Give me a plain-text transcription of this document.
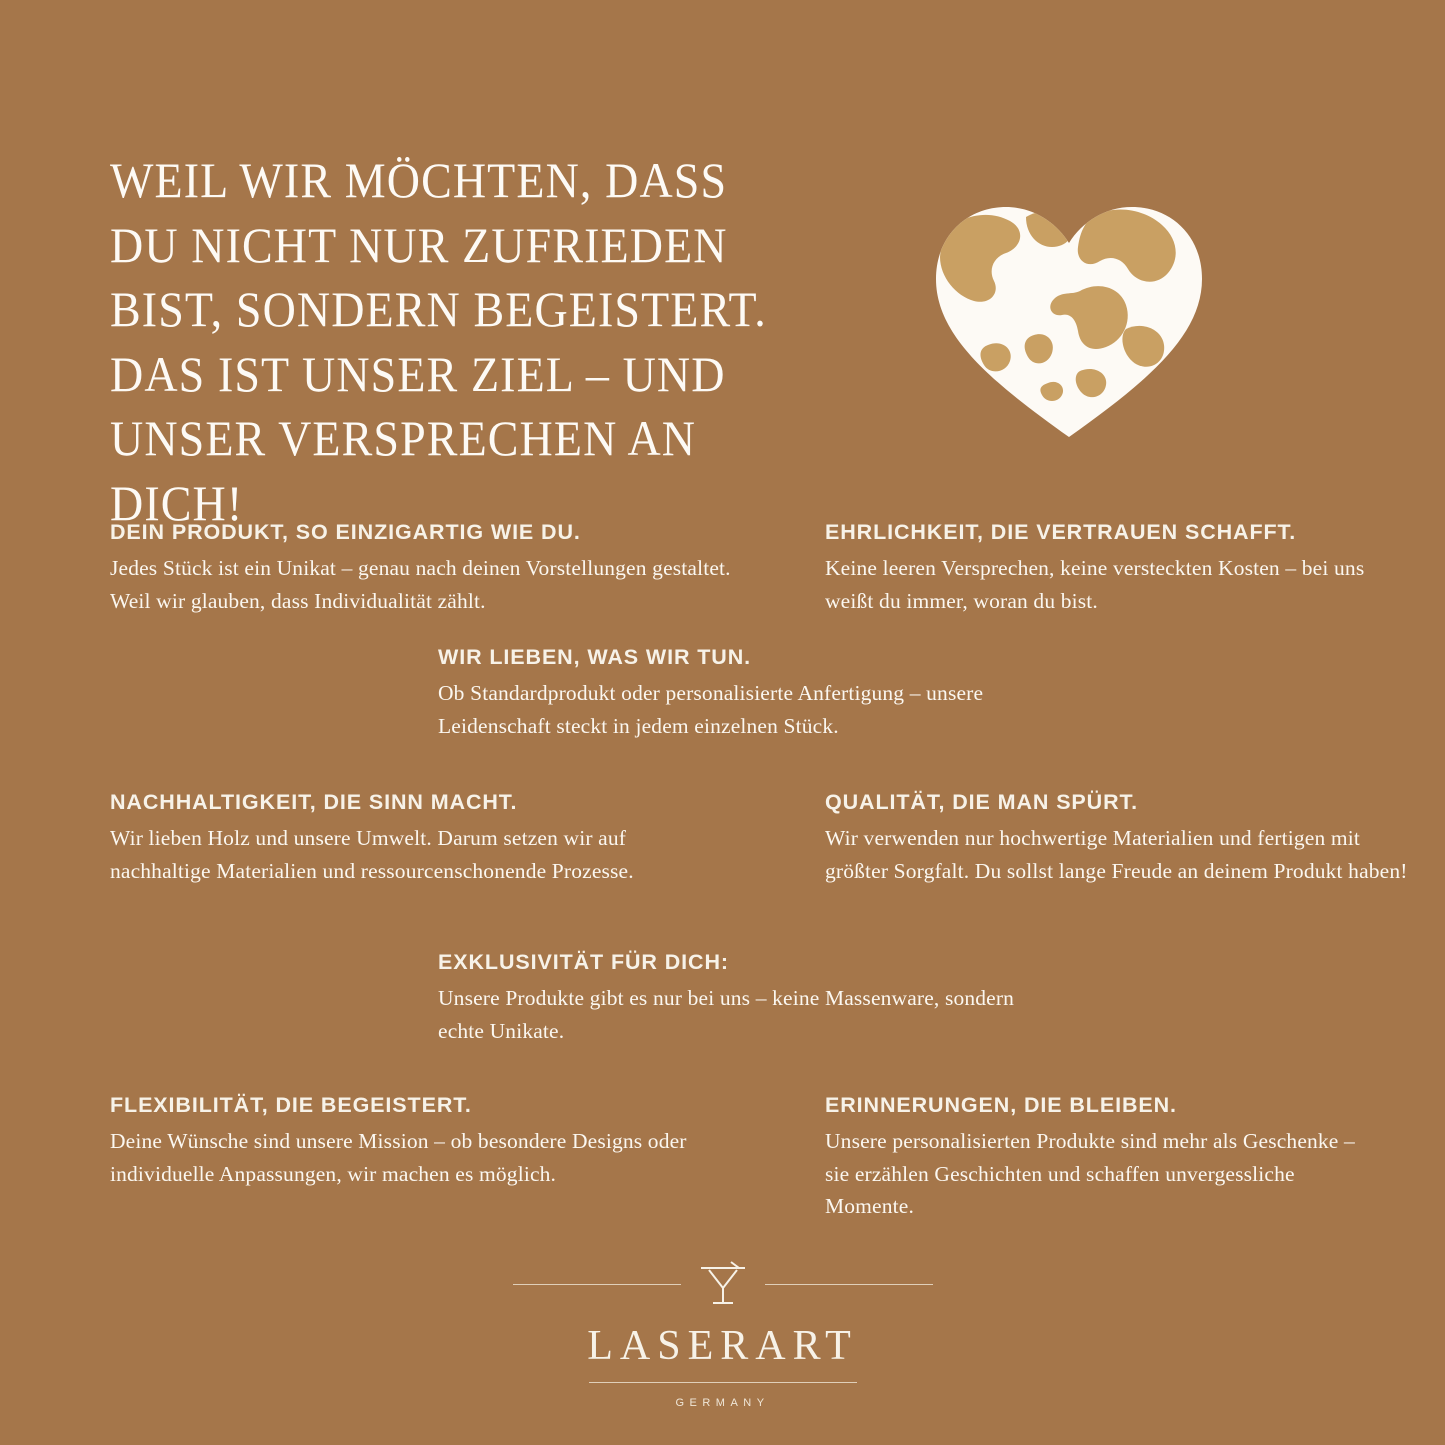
WEIL WIR MÖCHTEN, DASS DU NICHT NUR ZUFRIEDEN BIST, SONDERN BEGEISTERT. DAS IST UNSER ZIEL – UND UNSER VERSPRECHEN AN DICH!
DEIN PRODUKT, SO EINZIGARTIG WIE DU.

Jedes Stück ist ein Unikat – genau nach deinen Vorstellungen gestaltet. Weil wir glauben, dass Individualität zählt.

EHRLICHKEIT, DIE VERTRAUEN SCHAFFT.

Keine leeren Versprechen, keine versteckten Kosten – bei uns weißt du immer, woran du bist.

WIR LIEBEN, WAS WIR TUN.

Ob Standardprodukt oder personalisierte Anfertigung – unsere Leidenschaft steckt in jedem einzelnen Stück.

NACHHALTIGKEIT, DIE SINN MACHT.

Wir lieben Holz und unsere Umwelt. Darum setzen wir auf nachhaltige Materialien und ressourcenschonende Prozesse.

QUALITÄT, DIE MAN SPÜRT.

Wir verwenden nur hochwertige Materialien und fertigen mit größter Sorgfalt. Du sollst lange Freude an deinem Produkt haben!

EXKLUSIVITÄT FÜR DICH:

Unsere Produkte gibt es nur bei uns – keine Massenware, sondern echte Unikate.

FLEXIBILITÄT, DIE BEGEISTERT.

Deine Wünsche sind unsere Mission – ob besondere Designs oder individuelle Anpassungen, wir machen es möglich.

ERINNERUNGEN, DIE BLEIBEN.

Unsere personalisierten Produkte sind mehr als Geschenke – sie erzählen Geschichten und schaffen unvergessliche Momente.

LASERART
GERMANY
